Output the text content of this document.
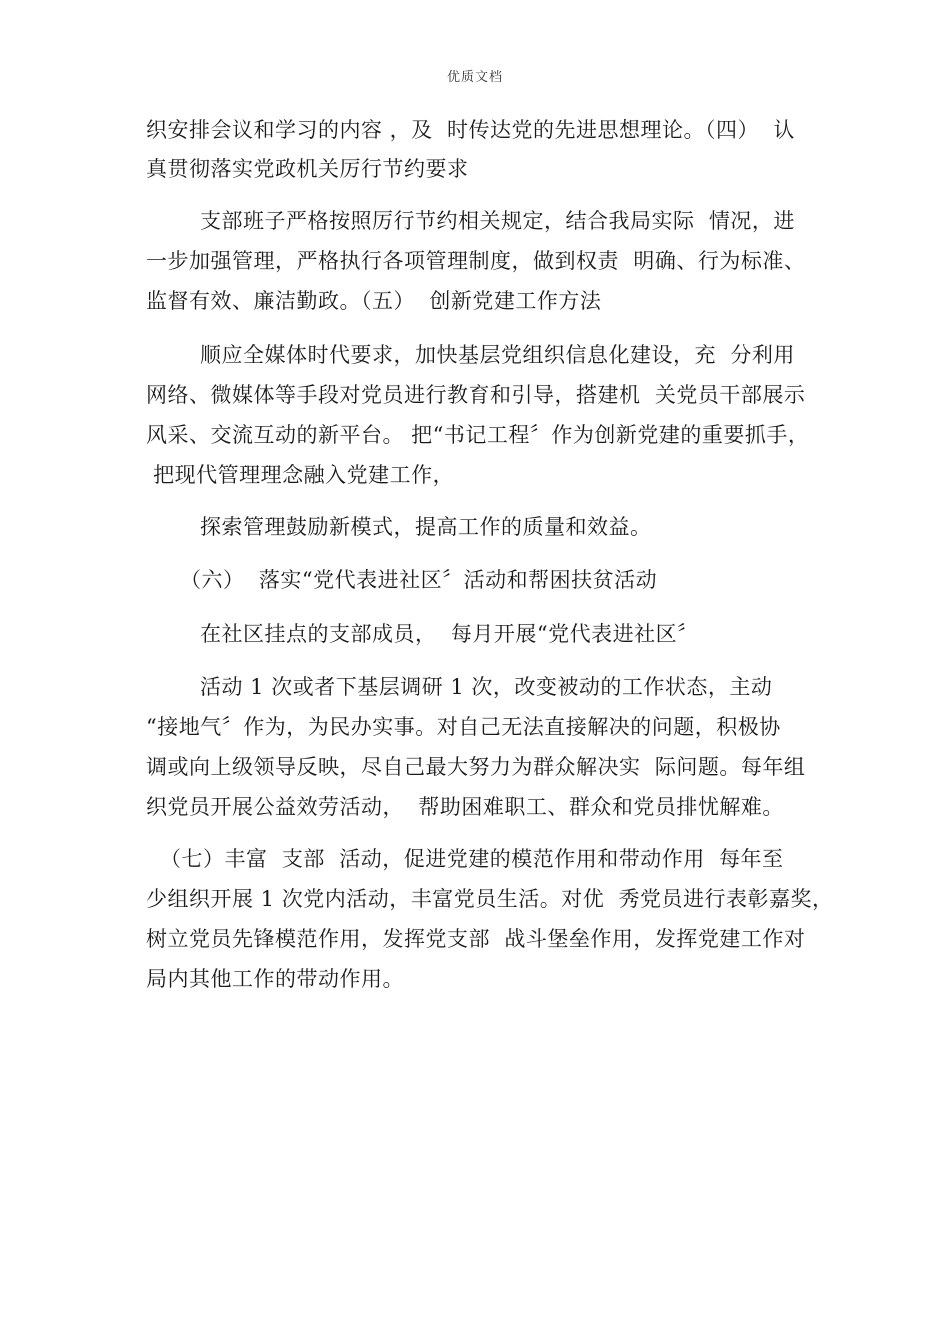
优质文档
织安排会议和学习的内容 ，及  时传达党的先进思想理论。（四）  认
真贯彻落实党政机关厉行节约要求
支部班子严格按照厉行节约相关规定，结合我局实际  情况，进
一步加强管理，严格执行各项管理制度，做到权责  明确、行为标准、
监督有效、廉洁勤政。（五）  创新党建工作方法
顺应全媒体时代要求，加快基层党组织信息化建设，充  分利用
网络、微媒体等手段对党员进行教育和引导，搭建机  关党员干部展示
风采、交流互动的新平台。 把“书记工程〞作为创新党建的重要抓手，
把现代管理理念融入党建工作，
探索管理鼓励新模式，提高工作的质量和效益。
（六）  落实“党代表进社区〞活动和帮困扶贫活动
在社区挂点的支部成员，  每月开展“党代表进社区〞
活动 1 次或者下基层调研 1 次，改变被动的工作状态，主动
“接地气〞作为，为民办实事。对自己无法直接解决的问题，积极协
调或向上级领导反映，尽自己最大努力为群众解决实  际问题。每年组
织党员开展公益效劳活动，  帮助困难职工、群众和党员排忧解难。
（七）丰富  支部  活动，促进党建的模范作用和带动作用  每年至
少组织开展 1 次党内活动，丰富党员生活。对优  秀党员进行表彰嘉奖，
树立党员先锋模范作用，发挥党支部  战斗堡垒作用，发挥党建工作对
局内其他工作的带动作用。
